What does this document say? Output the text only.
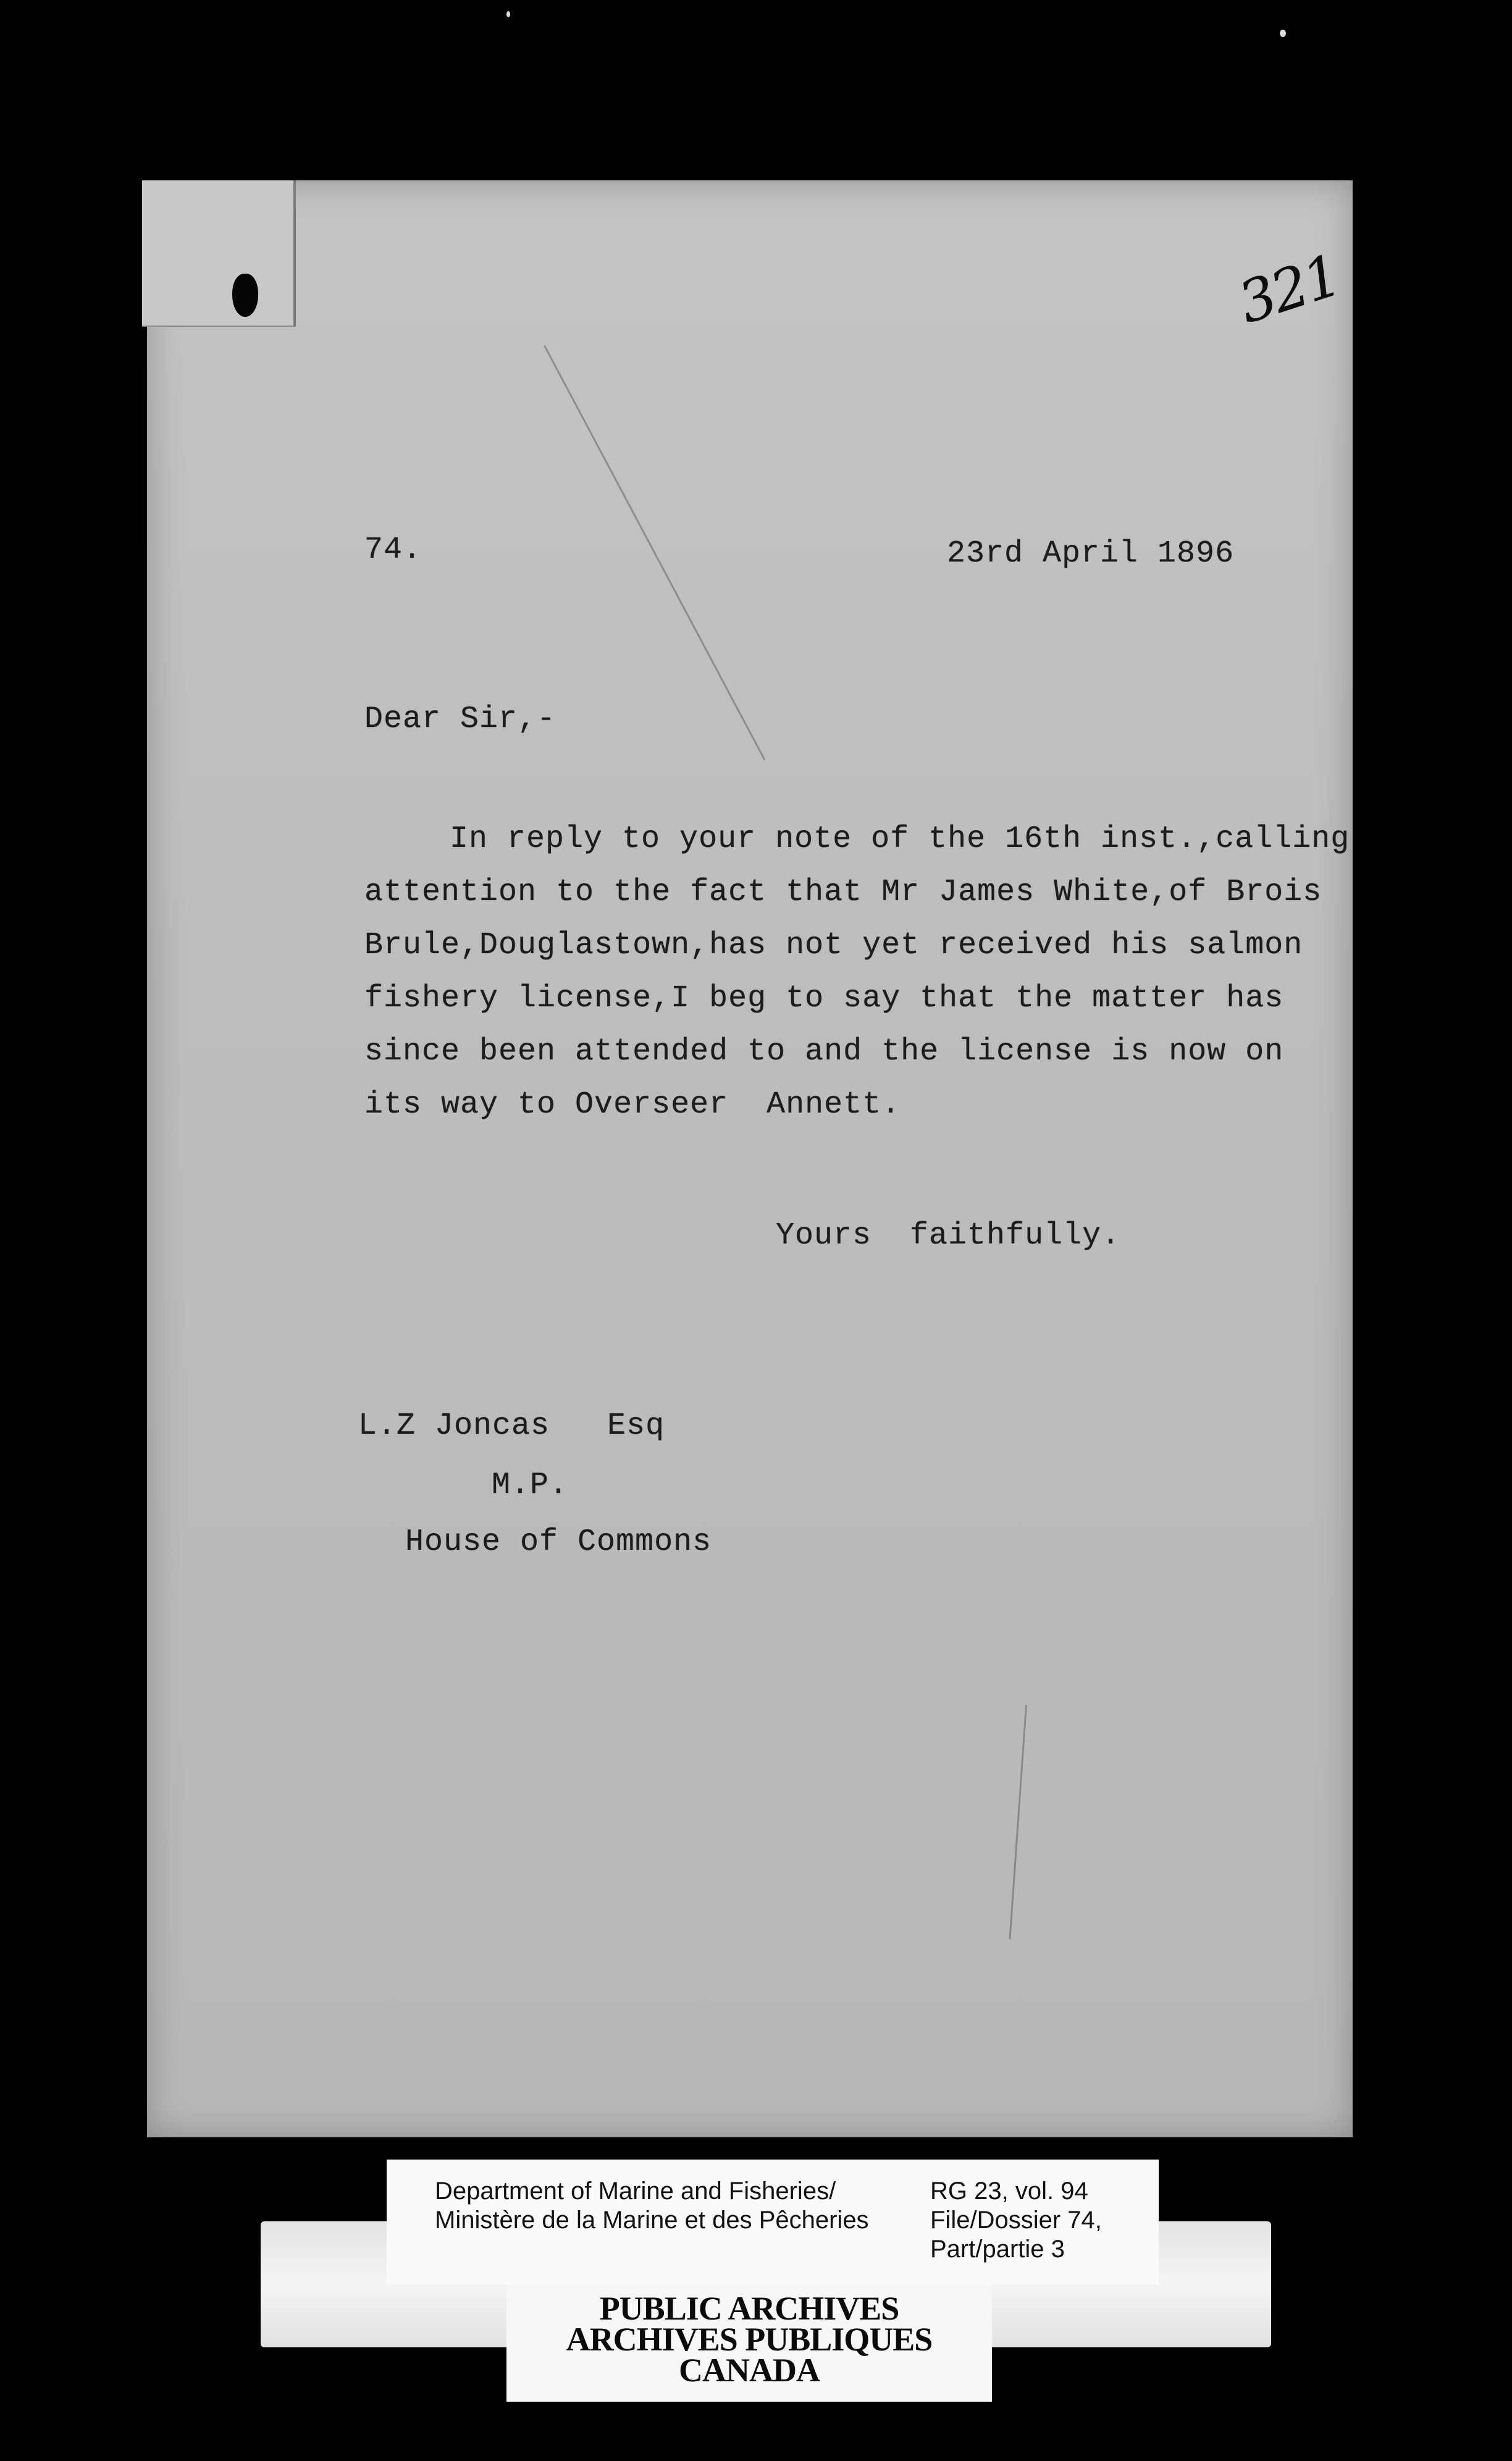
321
74.	23rd April 1896
Dear Sir,-
In reply to your note of the 16th inst.,calling
attention to the fact that Mr James White,of Brois
Brule,Douglastown,has not yet received his salmon
fishery license,I beg to say that the matter has
since been attended to and the license is now on
its way to Overseer  Annett.
Yours  faithfully.
L.Z Joncas   Esq
M.P.
House of Commons
Department of Marine and Fisheries/
Ministère de la Marine et des Pêcheries
RG 23, vol. 94
File/Dossier 74,
Part/partie 3
PUBLIC ARCHIVES
ARCHIVES PUBLIQUES
CANADA
